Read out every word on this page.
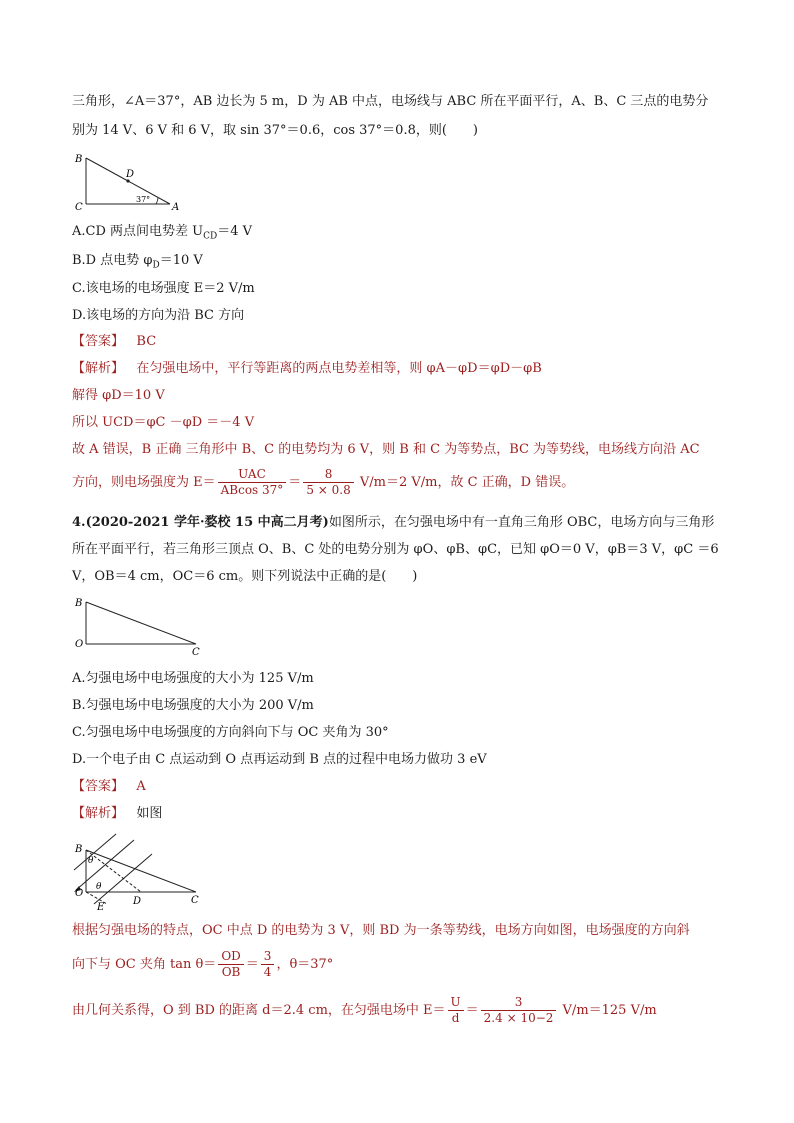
三角形，∠A＝37°，AB 边长为 5 m，D 为 AB 中点，电场线与 ABC 所在平面平行，A、B、C 三点的电势分
别为 14 V、6 V 和 6 V，取 sin 37°＝0.6，cos 37°＝0.8，则(　　)
B
C	A
D
37°
A.CD 两点间电势差 $U_{CD}=4$ V
B.D 点电势 $\varphi_D=10$ V
C.该电场的电场强度 E＝2 V/m
D.该电场的方向为沿 BC 方向
【答案】 BC
【解析】 在匀强电场中，平行等距离的两点电势差相等，则 φA－φD＝φD－φB
解得 φD＝10 V
所以 UCD＝φC －φD ＝－4 V
故 A 错误，B 正确 三角形中 B、C 的电势均为 6 V，则 B 和 C 为等势点，BC 为等势线，电场线方向沿 AC
方向，则电场强度为 $E= \frac{\text{UAC}}{ABcos 37^\circ} = \frac{8}{5 \times 0.8} V/m=2$ V/m，故 C 正确，D 错误。
4.(2020-2021 学年·婺校 15 中高二月考)如图所示，在匀强电场中有一直角三角形 OBC，电场方向与三角形
所在平面平行，若三角形三顶点 O、B、C 处的电势分别为 φO、φB、φC，已知 φO＝0 V，φB＝3 V，φC ＝6
V，OB＝4 cm，OC＝6 cm。则下列说法中正确的是(　　)
B
O
C
A.匀强电场中电场强度的大小为 125 V/m
B.匀强电场中电场强度的大小为 200 V/m
C.匀强电场中电场强度的方向斜向下与 OC 夹角为 30°
D.一个电子由 C 点运动到 O 点再运动到 B 点的过程中电场力做功 3 eV
【答案】 A
【解析】 如图
B
O
E
D	C
θ
θ
根据匀强电场的特点，OC 中点 D 的电势为 3 V，则 BD 为一条等势线，电场方向如图，电场强度的方向斜
向下与 OC 夹角 $\tan \theta= \frac{OD}{OB} = \frac{3}{4}$ ，θ＝37°
由几何关系得，O 到 BD 的距离 d＝2.4 cm，在匀强电场中 $E= \frac{U}{d} = \frac{3}{2.4 \times 10-2} V/m=125$ V/m
